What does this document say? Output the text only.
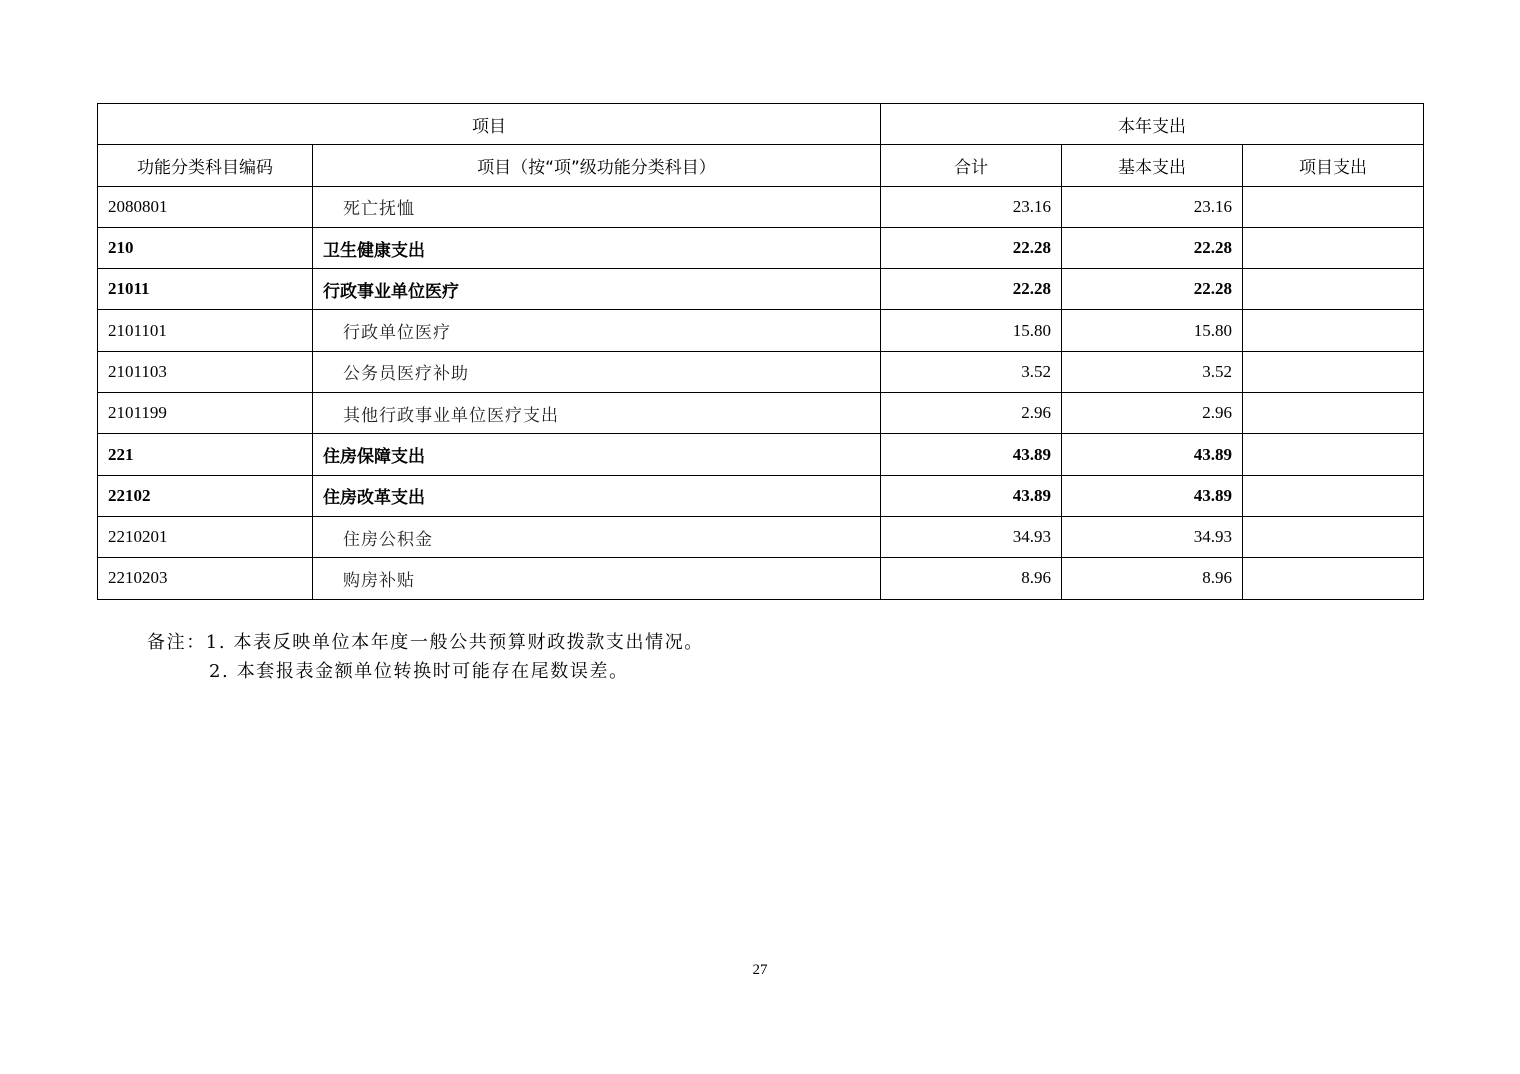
项目		本年支出		
功能分类科目编码	项目（按“项”级功能分类科目）	合计	基本支出	项目支出
2080801	死亡抚恤	23.16	23.16	
210	卫生健康支出	22.28	22.28	
21011	行政事业单位医疗	22.28	22.28	
2101101	行政单位医疗	15.80	15.80	
2101103	公务员医疗补助	3.52	3.52	
2101199	其他行政事业单位医疗支出	2.96	2.96	
221	住房保障支出	43.89	43.89	
22102	住房改革支出	43.89	43.89	
2210201	住房公积金	34.93	34.93	
2210203	购房补贴	8.96	8.96	
备注：1. 本表反映单位本年度一般公共预算财政拨款支出情况。
2. 本套报表金额单位转换时可能存在尾数误差。
27
